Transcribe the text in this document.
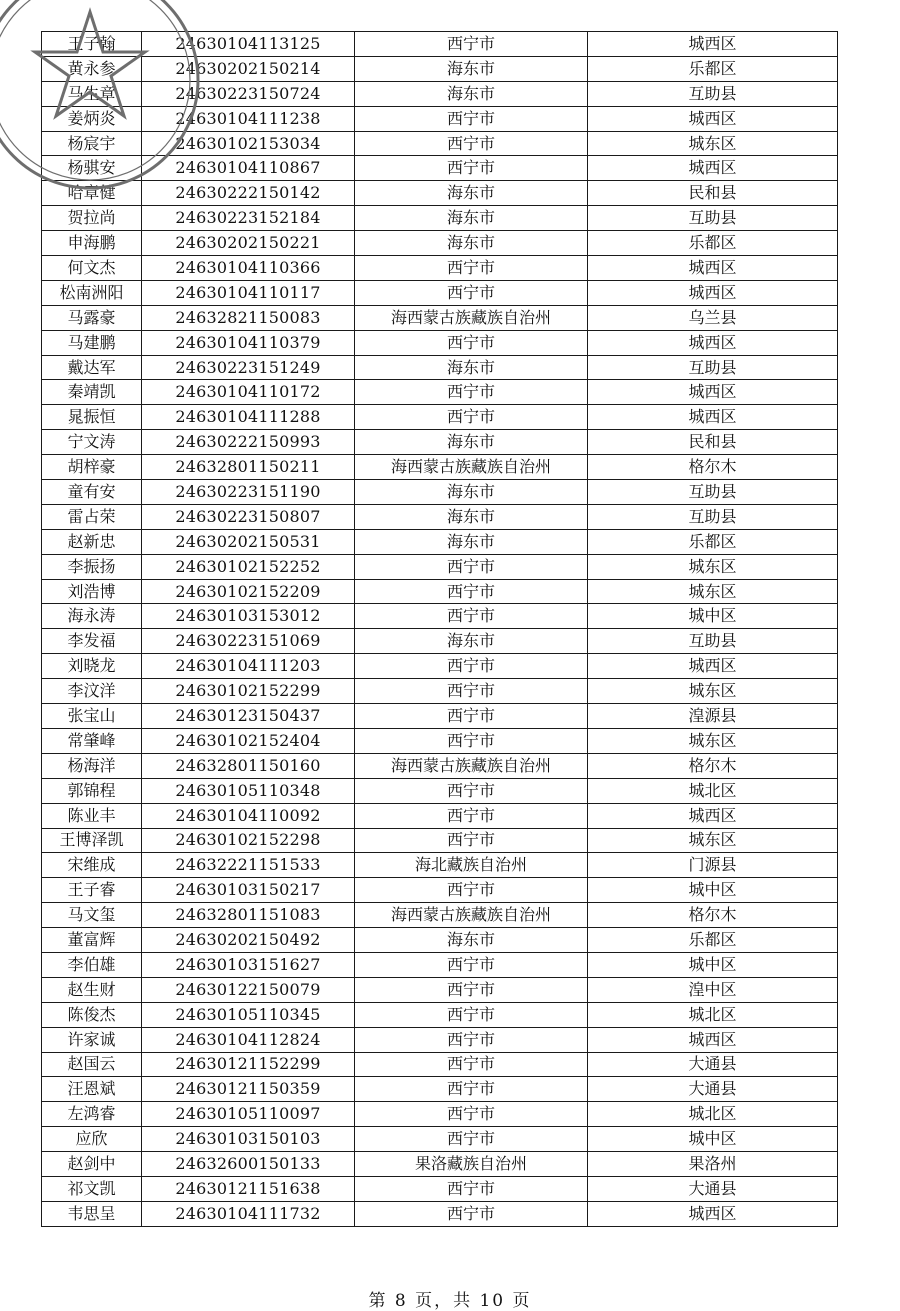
王子翰	24630104113125	西宁市	城西区
黄永参	24630202150214	海东市	乐都区
马生章	24630223150724	海东市	互助县
姜炳炎	24630104111238	西宁市	城西区
杨宸宇	24630102153034	西宁市	城东区
杨骐安	24630104110867	西宁市	城西区
哈章健	24630222150142	海东市	民和县
贺拉尚	24630223152184	海东市	互助县
申海鹏	24630202150221	海东市	乐都区
何文杰	24630104110366	西宁市	城西区
松南洲阳	24630104110117	西宁市	城西区
马露豪	24632821150083	海西蒙古族藏族自治州	乌兰县
马建鹏	24630104110379	西宁市	城西区
戴达军	24630223151249	海东市	互助县
秦靖凯	24630104110172	西宁市	城西区
晁振恒	24630104111288	西宁市	城西区
宁文涛	24630222150993	海东市	民和县
胡梓豪	24632801150211	海西蒙古族藏族自治州	格尔木
童有安	24630223151190	海东市	互助县
雷占荣	24630223150807	海东市	互助县
赵新忠	24630202150531	海东市	乐都区
李振扬	24630102152252	西宁市	城东区
刘浩博	24630102152209	西宁市	城东区
海永涛	24630103153012	西宁市	城中区
李发福	24630223151069	海东市	互助县
刘晓龙	24630104111203	西宁市	城西区
李汶洋	24630102152299	西宁市	城东区
张宝山	24630123150437	西宁市	湟源县
常肇峰	24630102152404	西宁市	城东区
杨海洋	24632801150160	海西蒙古族藏族自治州	格尔木
郭锦程	24630105110348	西宁市	城北区
陈业丰	24630104110092	西宁市	城西区
王博泽凯	24630102152298	西宁市	城东区
宋维成	24632221151533	海北藏族自治州	门源县
王子睿	24630103150217	西宁市	城中区
马文玺	24632801151083	海西蒙古族藏族自治州	格尔木
董富辉	24630202150492	海东市	乐都区
李伯雄	24630103151627	西宁市	城中区
赵生财	24630122150079	西宁市	湟中区
陈俊杰	24630105110345	西宁市	城北区
许家诚	24630104112824	西宁市	城西区
赵国云	24630121152299	西宁市	大通县
汪恩斌	24630121150359	西宁市	大通县
左鸿睿	24630105110097	西宁市	城北区
应欣	24630103150103	西宁市	城中区
赵剑中	24632600150133	果洛藏族自治州	果洛州
祁文凯	24630121151638	西宁市	大通县
韦思呈	24630104111732	西宁市	城西区
第 8 页，共 10 页
